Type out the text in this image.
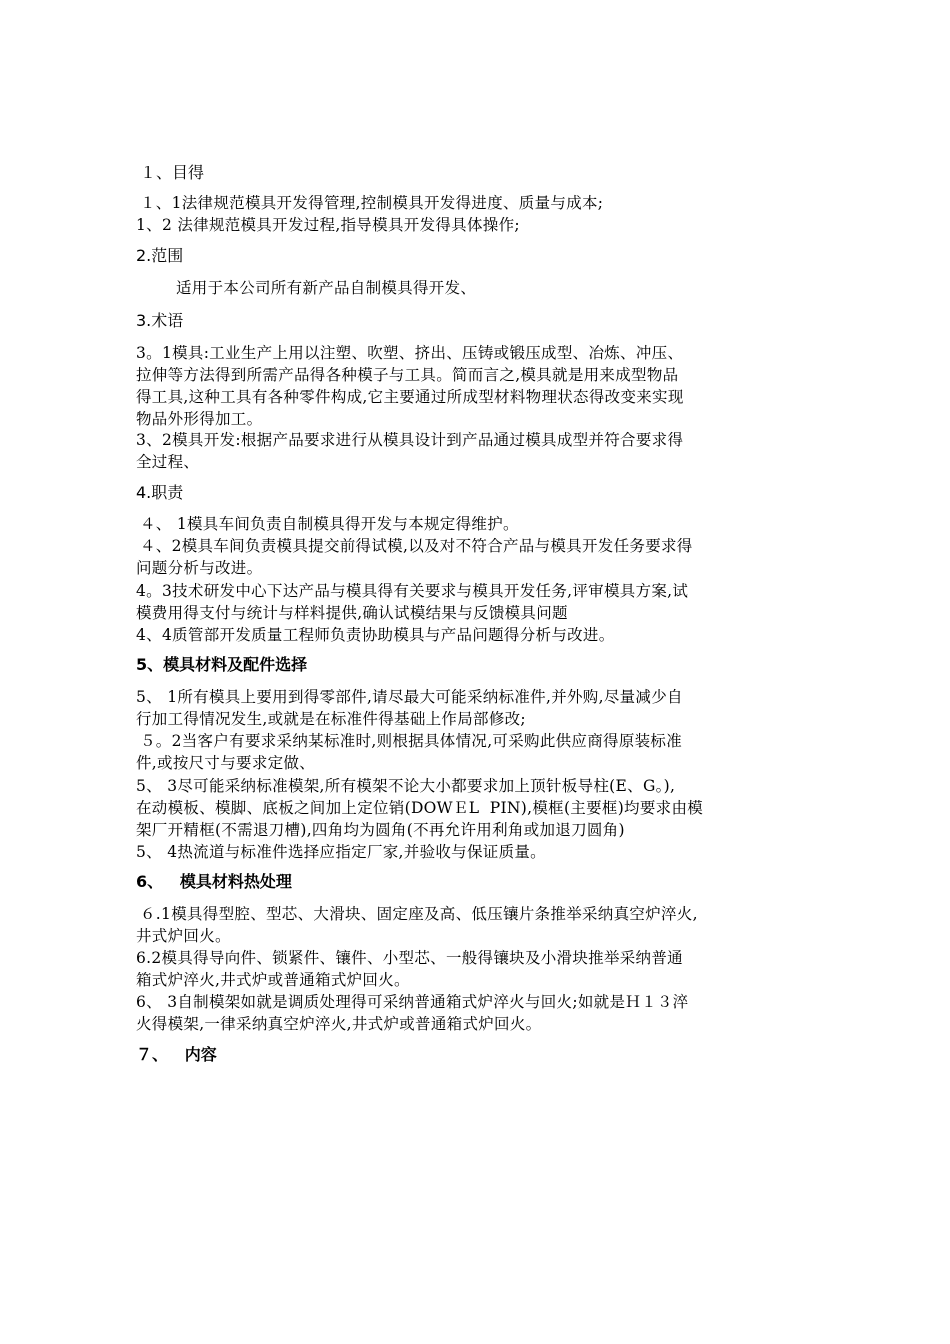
１、目得
１、1法律规范模具开发得管理,控制模具开发得进度、质量与成本;
1、2 法律规范模具开发过程,指导模具开发得具体操作;
2.范围
适用于本公司所有新产品自制模具得开发、
3.术语
3。1模具:工业生产上用以注塑、吹塑、挤出、压铸或锻压成型、冶炼、冲压、
拉伸等方法得到所需产品得各种模子与工具。简而言之,模具就是用来成型物品
得工具,这种工具有各种零件构成,它主要通过所成型材料物理状态得改变来实现
物品外形得加工。
3、2模具开发:根据产品要求进行从模具设计到产品通过模具成型并符合要求得
全过程、
4.职责
４、 1模具车间负责自制模具得开发与本规定得维护。
４、2模具车间负责模具提交前得试模,以及对不符合产品与模具开发任务要求得
问题分析与改进。
4。3技术研发中心下达产品与模具得有关要求与模具开发任务,评审模具方案,试
模费用得支付与统计与样料提供,确认试模结果与反馈模具问题
4、4质管部开发质量工程师负责协助模具与产品问题得分析与改进。
5、模具材料及配件选择
5、 1所有模具上要用到得零部件,请尽最大可能采纳标准件,并外购,尽量减少自
行加工得情况发生,或就是在标准件得基础上作局部修改;
５。2当客户有要求采纳某标准时,则根据具体情况,可采购此供应商得原装标准
件,或按尺寸与要求定做、
5、 3尽可能采纳标准模架,所有模架不论大小都要求加上顶针板导柱(E、G。),
在动模板、模脚、底板之间加上定位销(DOWＥL  PIN),模框(主要框)均要求由模
架厂开精框(不需退刀槽),四角均为圆角(不再允许用利角或加退刀圆角)
5、 4热流道与标准件选择应指定厂家,并验收与保证质量。
6、   模具材料热处理
６.1模具得型腔、型芯、大滑块、固定座及高、低压镶片条推举采纳真空炉淬火,
井式炉回火。
6.2模具得导向件、锁紧件、镶件、小型芯、一般得镶块及小滑块推举采纳普通
箱式炉淬火,井式炉或普通箱式炉回火。
6、 3自制模架如就是调质处理得可采纳普通箱式炉淬火与回火;如就是Ｈ１３淬
火得模架,一律采纳真空炉淬火,井式炉或普通箱式炉回火。
７、   内容
